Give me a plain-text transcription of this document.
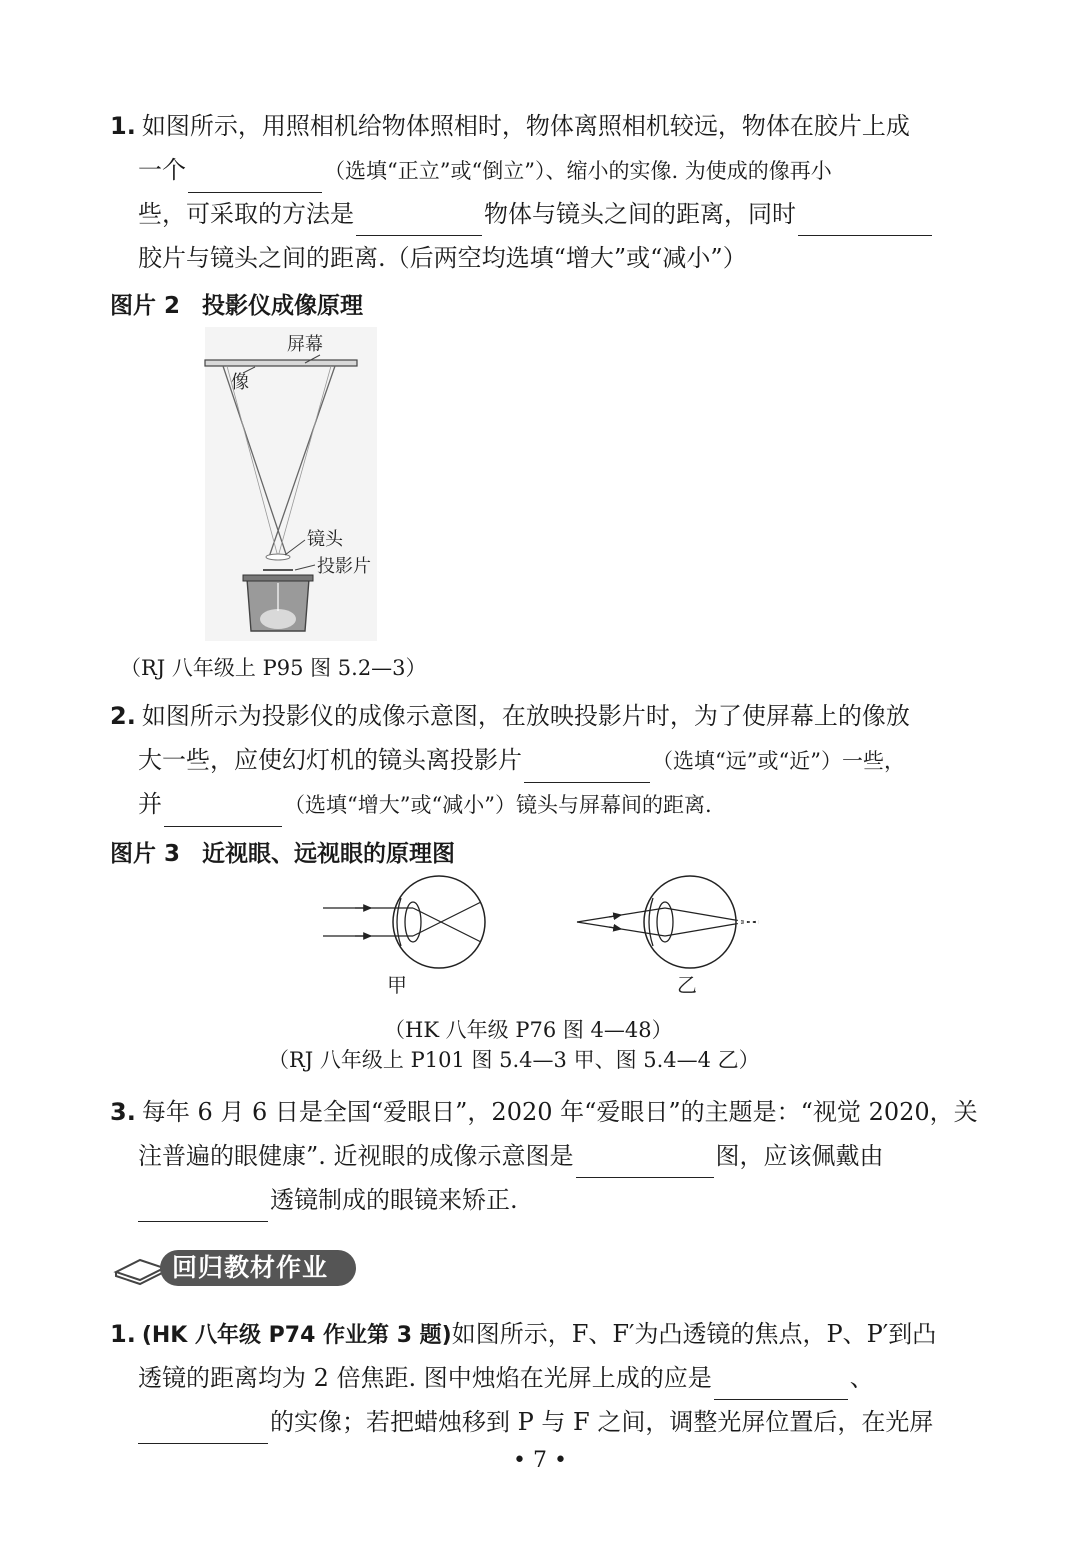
1. 如图所示，用照相机给物体照相时，物体离照相机较远，物体在胶片上成
一个	（选填“正立”或“倒立”）、缩小的实像. 为使成的像再小
些，可采取的方法是	物体与镜头之间的距离，同时
胶片与镜头之间的距离.（后两空均选填“增大”或“减小”）
图片 2 投影仪成像原理
屏幕
像
镜头
投影片
（RJ 八年级上 P95 图 5.2—3）
2. 如图所示为投影仪的成像示意图，在放映投影片时，为了使屏幕上的像放
大一些，应使幻灯机的镜头离投影片	（选填“远”或“近”）一些，
并	（选填“增大”或“减小”）镜头与屏幕间的距离.
图片 3 近视眼、远视眼的原理图
甲	乙
（HK 八年级 P76 图 4—48）
（RJ 八年级上 P101 图 5.4—3 甲、图 5.4—4 乙）
3. 每年 6 月 6 日是全国“爱眼日”，2020 年“爱眼日”的主题是：“视觉 2020，关
注普遍的眼健康”. 近视眼的成像示意图是	图，应该佩戴由
透镜制成的眼镜来矫正.
回归教材作业
1. (HK 八年级 P74 作业第 3 题)如图所示，F、F′为凸透镜的焦点，P、P′到凸
透镜的距离均为 2 倍焦距. 图中烛焰在光屏上成的应是	、
的实像；若把蜡烛移到 P 与 F 之间，调整光屏位置后，在光屏
• 7 •
